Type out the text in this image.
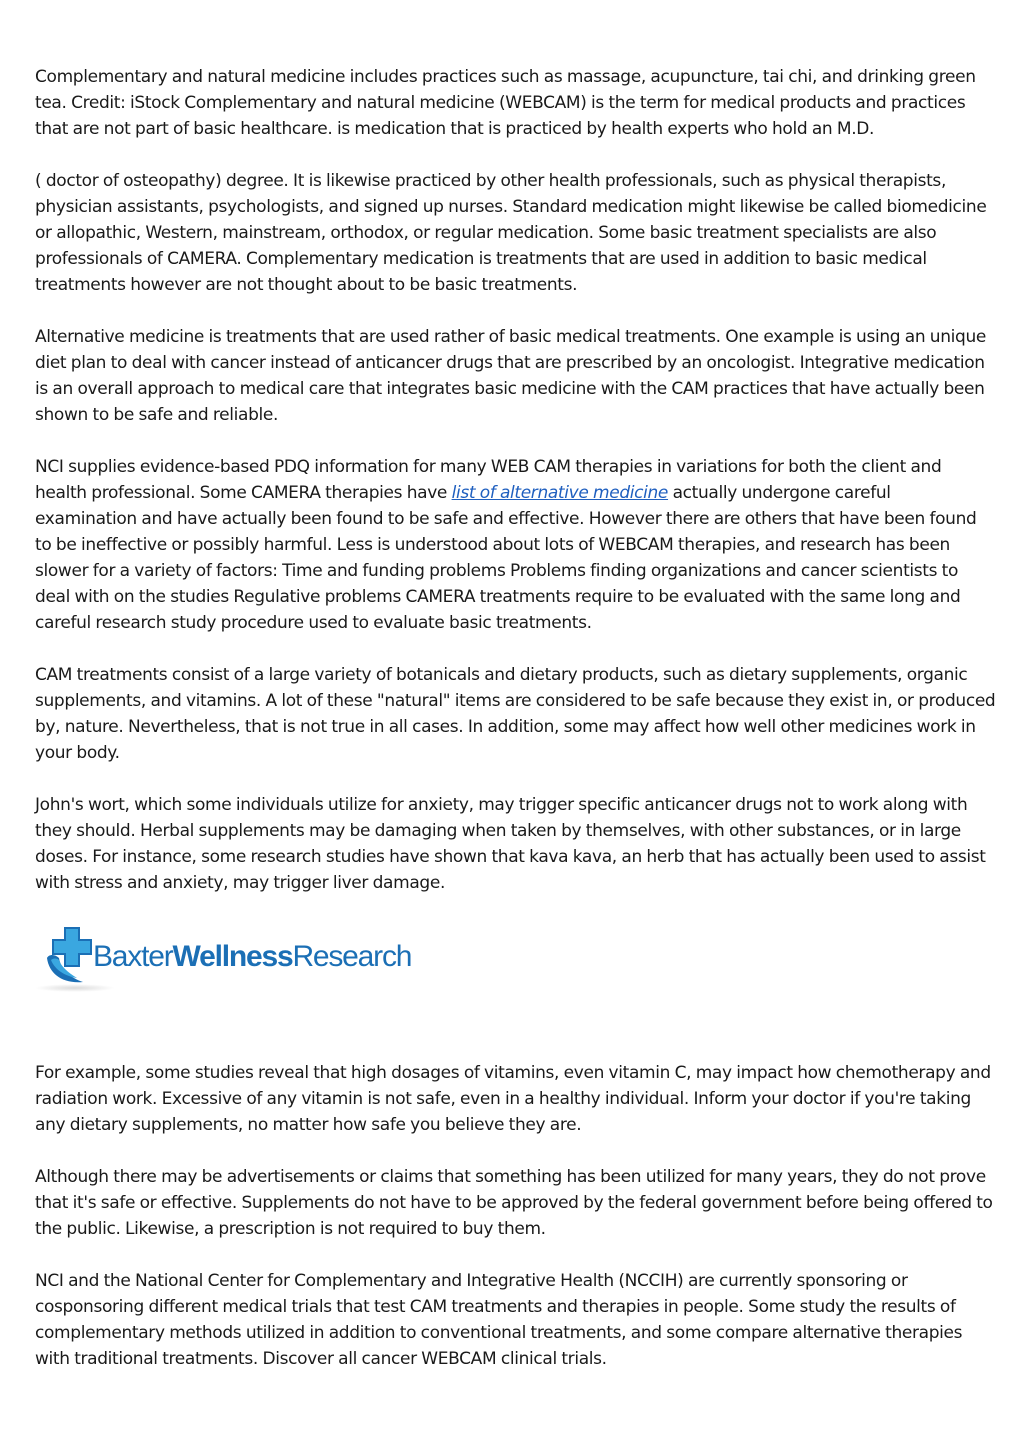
Complementary and natural medicine includes practices such as massage, acupuncture, tai chi, and drinking green tea. Credit: iStock Complementary and natural medicine (WEBCAM) is the term for medical products and practices that are not part of basic healthcare. is medication that is practiced by health experts who hold an M.D.

( doctor of osteopathy) degree. It is likewise practiced by other health professionals, such as physical therapists, physician assistants, psychologists, and signed up nurses. Standard medication might likewise be called biomedicine or allopathic, Western, mainstream, orthodox, or regular medication. Some basic treatment specialists are also professionals of CAMERA. Complementary medication is treatments that are used in addition to basic medical treatments however are not thought about to be basic treatments.

Alternative medicine is treatments that are used rather of basic medical treatments. One example is using an unique diet plan to deal with cancer instead of anticancer drugs that are prescribed by an oncologist. Integrative medication is an overall approach to medical care that integrates basic medicine with the CAM practices that have actually been shown to be safe and reliable.

NCI supplies evidence-based PDQ information for many WEB CAM therapies in variations for both the client and health professional. Some CAMERA therapies have list of alternative medicine actually undergone careful examination and have actually been found to be safe and effective. However there are others that have been found to be ineffective or possibly harmful. Less is understood about lots of WEBCAM therapies, and research has been slower for a variety of factors: Time and funding problems Problems finding organizations and cancer scientists to deal with on the studies Regulative problems CAMERA treatments require to be evaluated with the same long and careful research study procedure used to evaluate basic treatments.

CAM treatments consist of a large variety of botanicals and dietary products, such as dietary supplements, organic supplements, and vitamins. A lot of these "natural" items are considered to be safe because they exist in, or produced by, nature. Nevertheless, that is not true in all cases. In addition, some may affect how well other medicines work in your body.

John's wort, which some individuals utilize for anxiety, may trigger specific anticancer drugs not to work along with they should. Herbal supplements may be damaging when taken by themselves, with other substances, or in large doses. For instance, some research studies have shown that kava kava, an herb that has actually been used to assist with stress and anxiety, may trigger liver damage.

BaxterWellnessResearch

For example, some studies reveal that high dosages of vitamins, even vitamin C, may impact how chemotherapy and radiation work. Excessive of any vitamin is not safe, even in a healthy individual. Inform your doctor if you're taking any dietary supplements, no matter how safe you believe they are.

Although there may be advertisements or claims that something has been utilized for many years, they do not prove that it's safe or effective. Supplements do not have to be approved by the federal government before being offered to the public. Likewise, a prescription is not required to buy them.

NCI and the National Center for Complementary and Integrative Health (NCCIH) are currently sponsoring or cosponsoring different medical trials that test CAM treatments and therapies in people. Some study the results of complementary methods utilized in addition to conventional treatments, and some compare alternative therapies with traditional treatments. Discover all cancer WEBCAM clinical trials.
